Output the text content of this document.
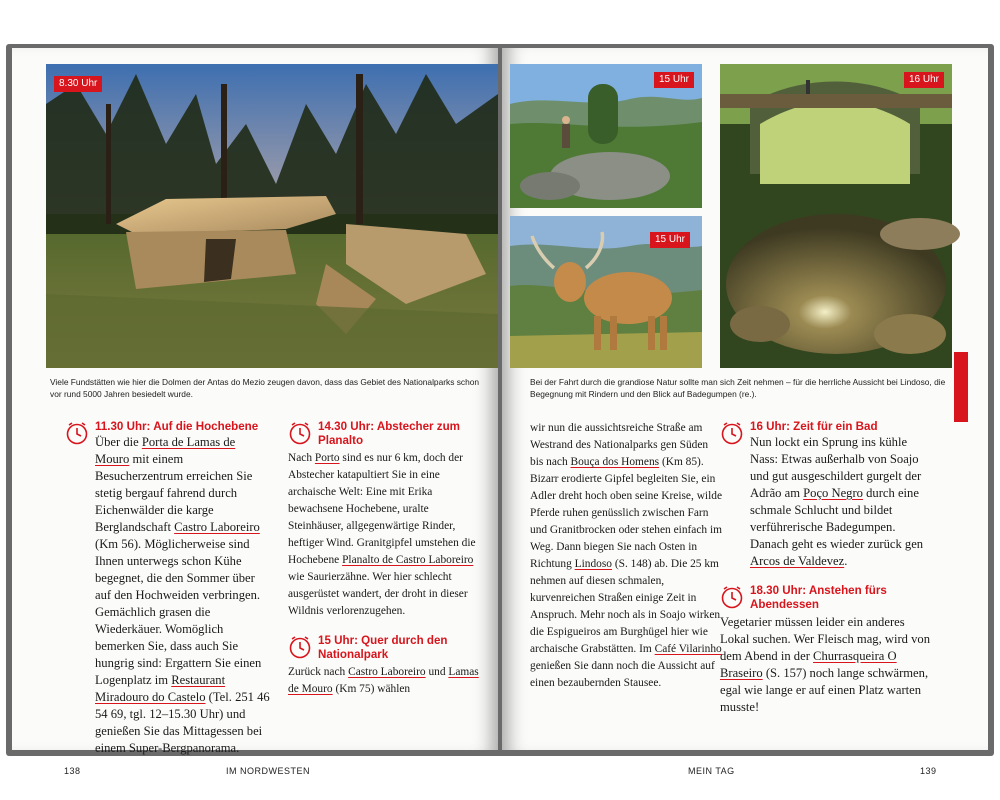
8.30 Uhr
Viele Fundstätten wie hier die Dolmen der Antas do Mezio zeugen davon, dass das Gebiet des Nationalparks schon vor rund 5000 Jahren besiedelt wurde.
11.30 Uhr: Auf die Hochebene
Über die Porta de Lamas de Mouro mit einem Besucherzentrum erreichen Sie stetig bergauf fahrend durch Eichenwälder die karge Berglandschaft Castro Laboreiro (Km 56). Möglicherweise sind Ihnen unterwegs schon Kühe begegnet, die den Sommer über auf den Hochweiden verbringen. Gemächlich grasen die Wiederkäuer. Womöglich bemerken Sie, dass auch Sie hungrig sind: Ergattern Sie einen Logenplatz im Restaurant Miradouro do Castelo (Tel. 251 46 54 69, tgl. 12–15.30 Uhr) und genießen Sie das Mittagessen bei einem Super-Bergpanorama.
14.30 Uhr: Abstecher zum Planalto

Nach Porto sind es nur 6 km, doch der Abstecher katapultiert Sie in eine archaische Welt: Eine mit Erika bewachsene Hochebene, uralte Steinhäuser, allgegenwärtige Rinder, heftiger Wind. Granitgipfel umstehen die Hochebene Planalto de Castro Laboreiro wie Saurierzähne. Wer hier schlecht ausgerüstet wandert, der droht in dieser Wildnis verlorenzugehen.

15 Uhr: Quer durch den Nationalpark

Zurück nach Castro Laboreiro und Lamas de Mouro (Km 75) wählen

138	IM NORDWESTEN
15 Uhr
15 Uhr
16 Uhr
Bei der Fahrt durch die grandiose Natur sollte man sich Zeit nehmen – für die herrliche Aussicht bei Lindoso, die Begegnung mit Rindern und den Blick auf Badegumpen (re.).

wir nun die aussichtsreiche Straße am Westrand des Nationalparks gen Süden bis nach Bouça dos Homens (Km 85). Bizarr erodierte Gipfel begleiten Sie, ein Adler dreht hoch oben seine Kreise, wilde Pferde ruhen genüsslich zwischen Farn und Granitbrocken oder stehen einfach im Weg. Dann biegen Sie nach Osten in Richtung Lindoso (S. 148) ab. Die 25 km nehmen auf diesen schmalen, kurvenreichen Straßen einige Zeit in Anspruch. Mehr noch als in Soajo wirken die Espigueiros am Burghügel hier wie archaische Grabstätten. Im Café Vilarinho genießen Sie dann noch die Aussicht auf einen bezaubernden Stausee.

16 Uhr: Zeit für ein Bad
Nun lockt ein Sprung ins kühle Nass: Etwas außerhalb von Soajo und gut ausgeschildert gurgelt der Adrão am Poço Negro durch eine schmale Schlucht und bildet verführerische Badegumpen. Danach geht es wieder zurück gen Arcos de Valdevez.
18.30 Uhr: Anstehen fürs Abendessen

Vegetarier müssen leider ein anderes Lokal suchen. Wer Fleisch mag, wird von dem Abend in der Churrasqueira O Braseiro (S. 157) noch lange schwärmen, egal wie lange er auf einen Platz warten musste!

MEIN TAG	139
